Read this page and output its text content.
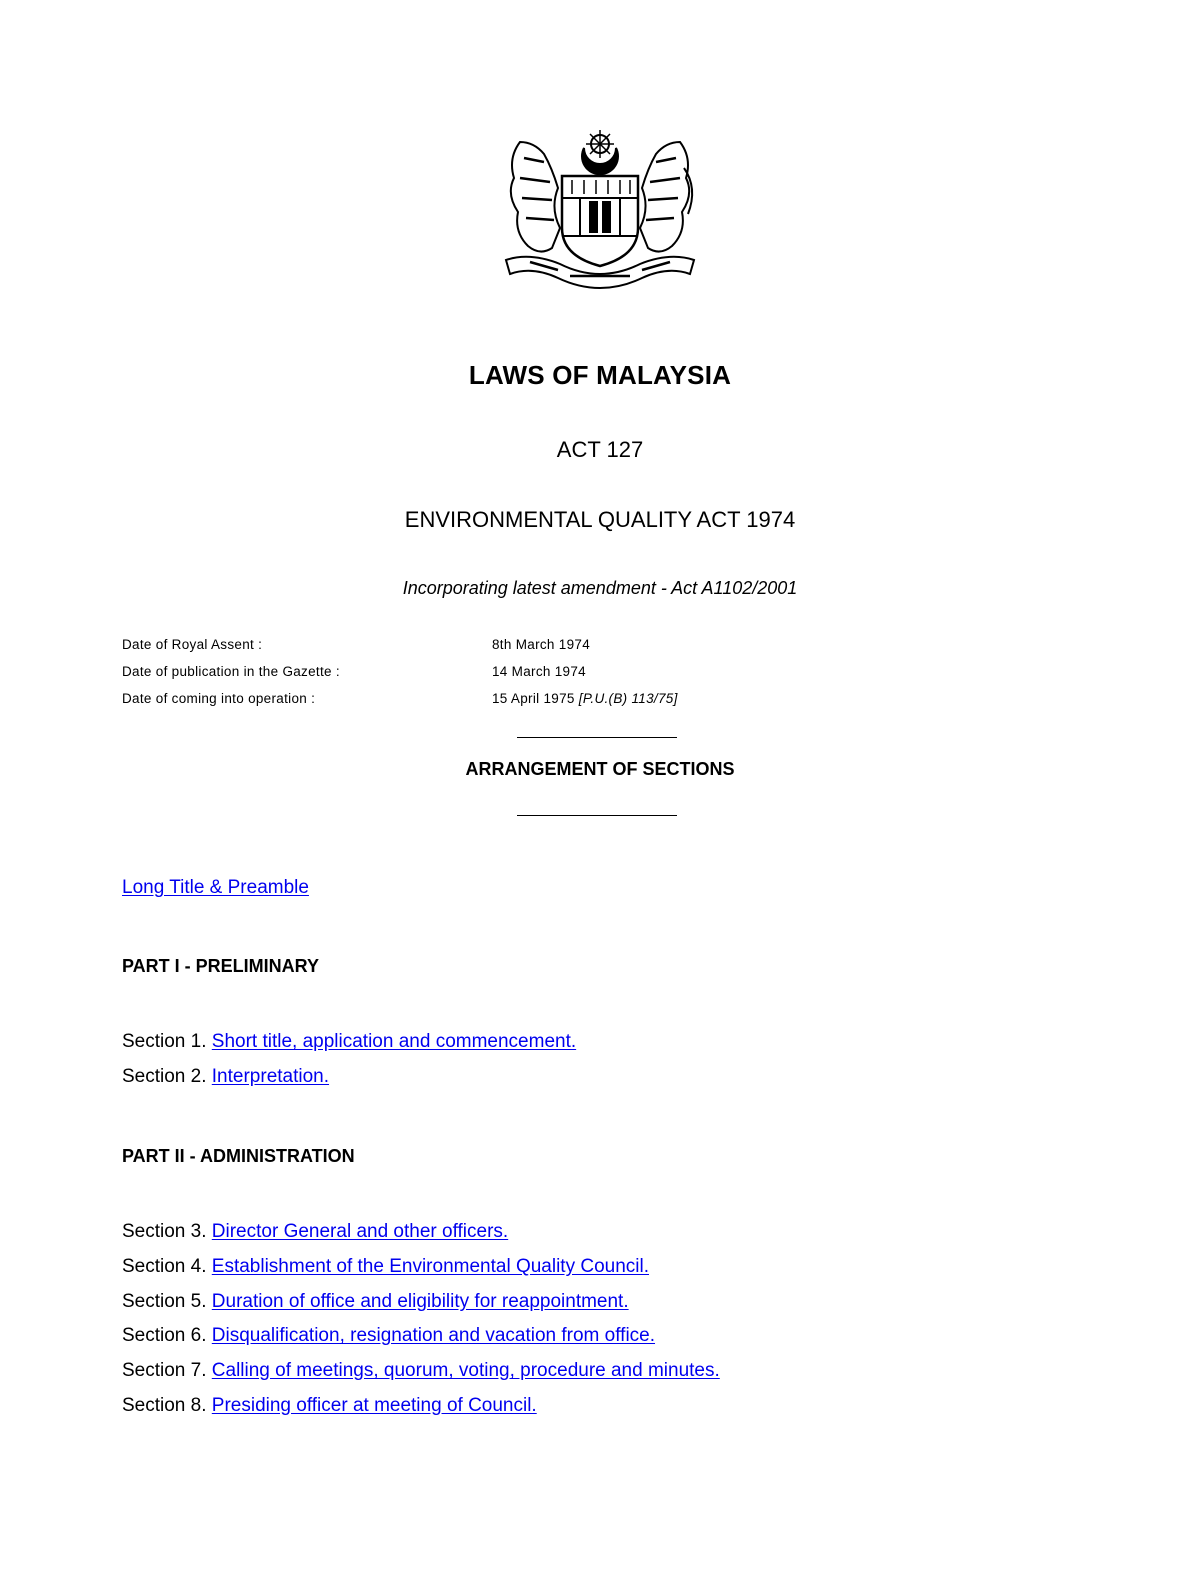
LAWS OF MALAYSIA
ACT 127
ENVIRONMENTAL QUALITY ACT 1974
Incorporating latest amendment - Act A1102/2001
Date of Royal Assent :	8th March 1974
Date of publication in the Gazette :	14 March 1974
Date of coming into operation :	15 April 1975 [P.U.(B) 113/75]
ARRANGEMENT OF SECTIONS
Long Title & Preamble
PART I - PRELIMINARY
Section 1. Short title, application and commencement.
Section 2. Interpretation.
PART II - ADMINISTRATION
Section 3. Director General and other officers.
Section 4. Establishment of the Environmental Quality Council.
Section 5. Duration of office and eligibility for reappointment.
Section 6. Disqualification, resignation and vacation from office.
Section 7. Calling of meetings, quorum, voting, procedure and minutes.
Section 8. Presiding officer at meeting of Council.
